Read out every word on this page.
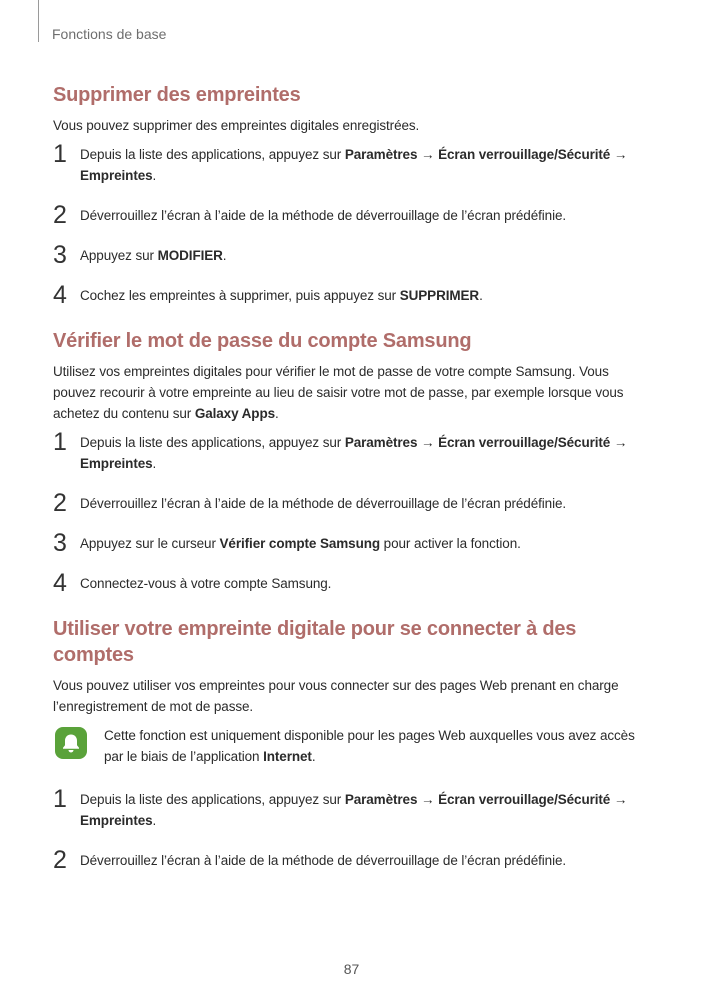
Fonctions de base
Supprimer des empreintes

Vous pouvez supprimer des empreintes digitales enregistrées.

1 Depuis la liste des applications, appuyez sur Paramètres → Écran verrouillage/Sécurité → Empreintes.
2 Déverrouillez l’écran à l’aide de la méthode de déverrouillage de l’écran prédéfinie.
3 Appuyez sur MODIFIER.
4 Cochez les empreintes à supprimer, puis appuyez sur SUPPRIMER.
Vérifier le mot de passe du compte Samsung

Utilisez vos empreintes digitales pour vérifier le mot de passe de votre compte Samsung. Vous pouvez recourir à votre empreinte au lieu de saisir votre mot de passe, par exemple lorsque vous achetez du contenu sur Galaxy Apps.

1 Depuis la liste des applications, appuyez sur Paramètres → Écran verrouillage/Sécurité → Empreintes.
2 Déverrouillez l’écran à l’aide de la méthode de déverrouillage de l’écran prédéfinie.
3 Appuyez sur le curseur Vérifier compte Samsung pour activer la fonction.
4 Connectez-vous à votre compte Samsung.
Utiliser votre empreinte digitale pour se connecter à des comptes

Vous pouvez utiliser vos empreintes pour vous connecter sur des pages Web prenant en charge l’enregistrement de mot de passe.

Cette fonction est uniquement disponible pour les pages Web auxquelles vous avez accès par le biais de l’application Internet.
1 Depuis la liste des applications, appuyez sur Paramètres → Écran verrouillage/Sécurité → Empreintes.
2 Déverrouillez l’écran à l’aide de la méthode de déverrouillage de l’écran prédéfinie.
87
